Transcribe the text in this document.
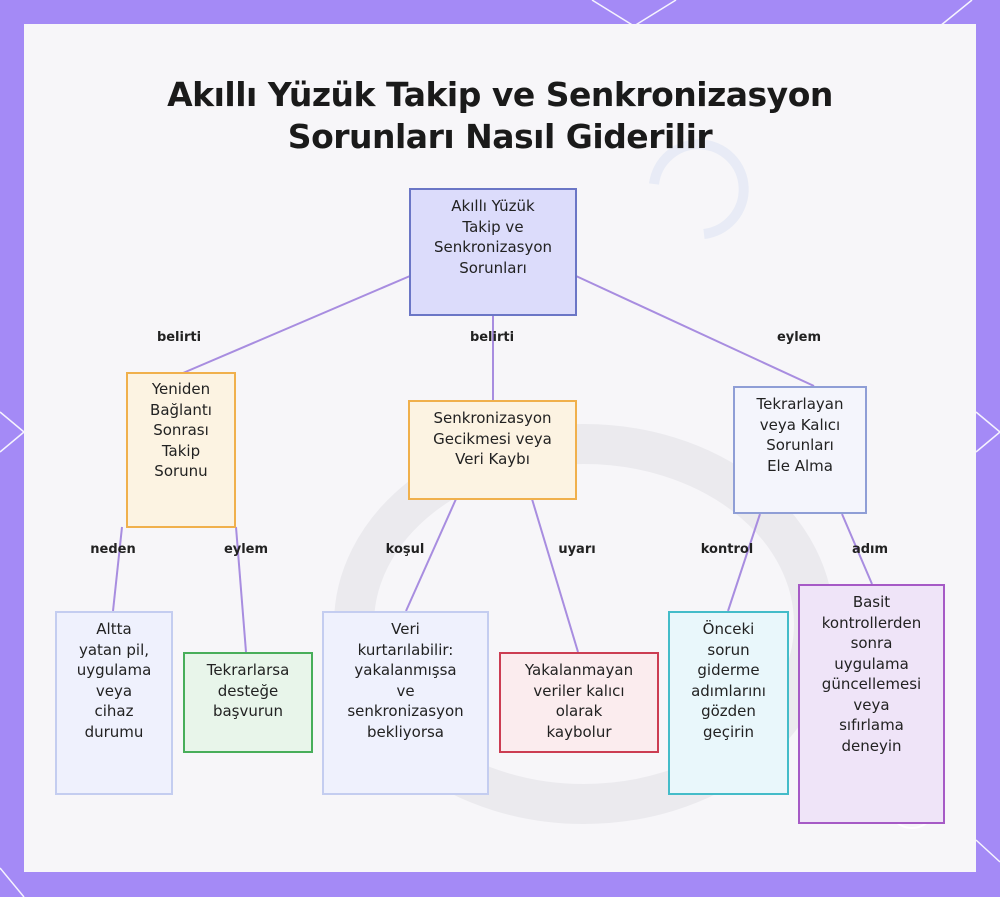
Akıllı Yüzük Takip ve Senkronizasyon
Sorunları Nasıl Giderilir
belirti	belirti	eylem
neden	eylem	koşul	uyarı	kontrol	adım
Akıllı Yüzük
Takip ve
Senkronizasyon
Sorunları
Yeniden
Bağlantı
Sonrası
Takip
Sorunu
Senkronizasyon
Gecikmesi veya
Veri Kaybı
Tekrarlayan
veya Kalıcı
Sorunları
Ele Alma
Altta
yatan pil,
uygulama
veya
cihaz
durumu
Tekrarlarsa
desteğe
başvurun
Veri
kurtarılabilir:
yakalanmışsa
ve
senkronizasyon
bekliyorsa
Yakalanmayan
veriler kalıcı
olarak
kaybolur
Önceki
sorun
giderme
adımlarını
gözden
geçirin
Basit
kontrollerden
sonra
uygulama
güncellemesi
veya
sıfırlama
deneyin
